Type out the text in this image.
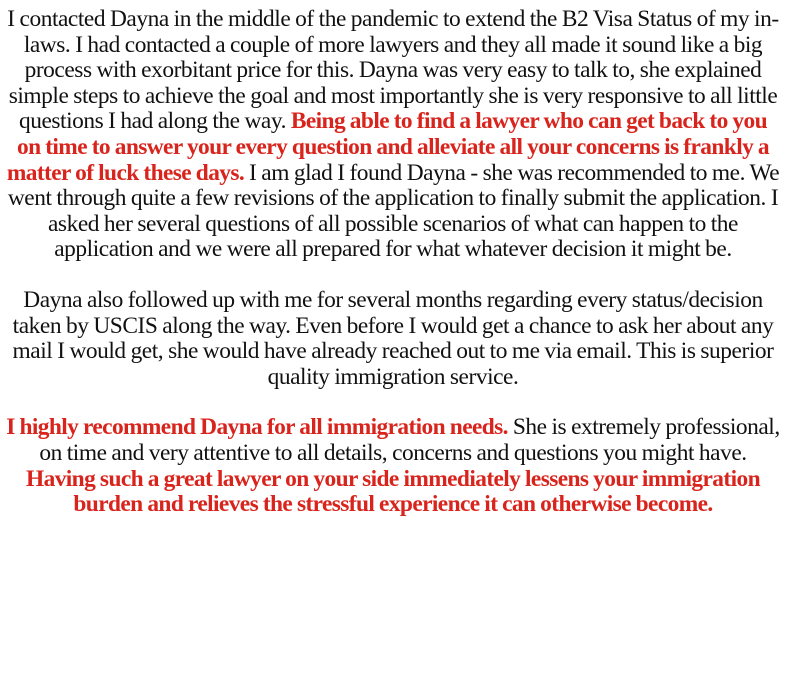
I contacted Dayna in the middle of the pandemic to extend the B2 Visa Status of my in-laws. I had contacted a couple of more lawyers and they all made it sound like a big process with exorbitant price for this. Dayna was very easy to talk to, she explained simple steps to achieve the goal and most importantly she is very responsive to all little questions I had along the way. Being able to find a lawyer who can get back to you on time to answer your every question and alleviate all your concerns is frankly a matter of luck these days. I am glad I found Dayna - she was recommended to me. We went through quite a few revisions of the application to finally submit the application. I asked her several questions of all possible scenarios of what can happen to the application and we were all prepared for what whatever decision it might be.

Dayna also followed up with me for several months regarding every status/decision taken by USCIS along the way. Even before I would get a chance to ask her about any mail I would get, she would have already reached out to me via email. This is superior quality immigration service.

I highly recommend Dayna for all immigration needs. She is extremely professional, on time and very attentive to all details, concerns and questions you might have. Having such a great lawyer on your side immediately lessens your immigration burden and relieves the stressful experience it can otherwise become.
